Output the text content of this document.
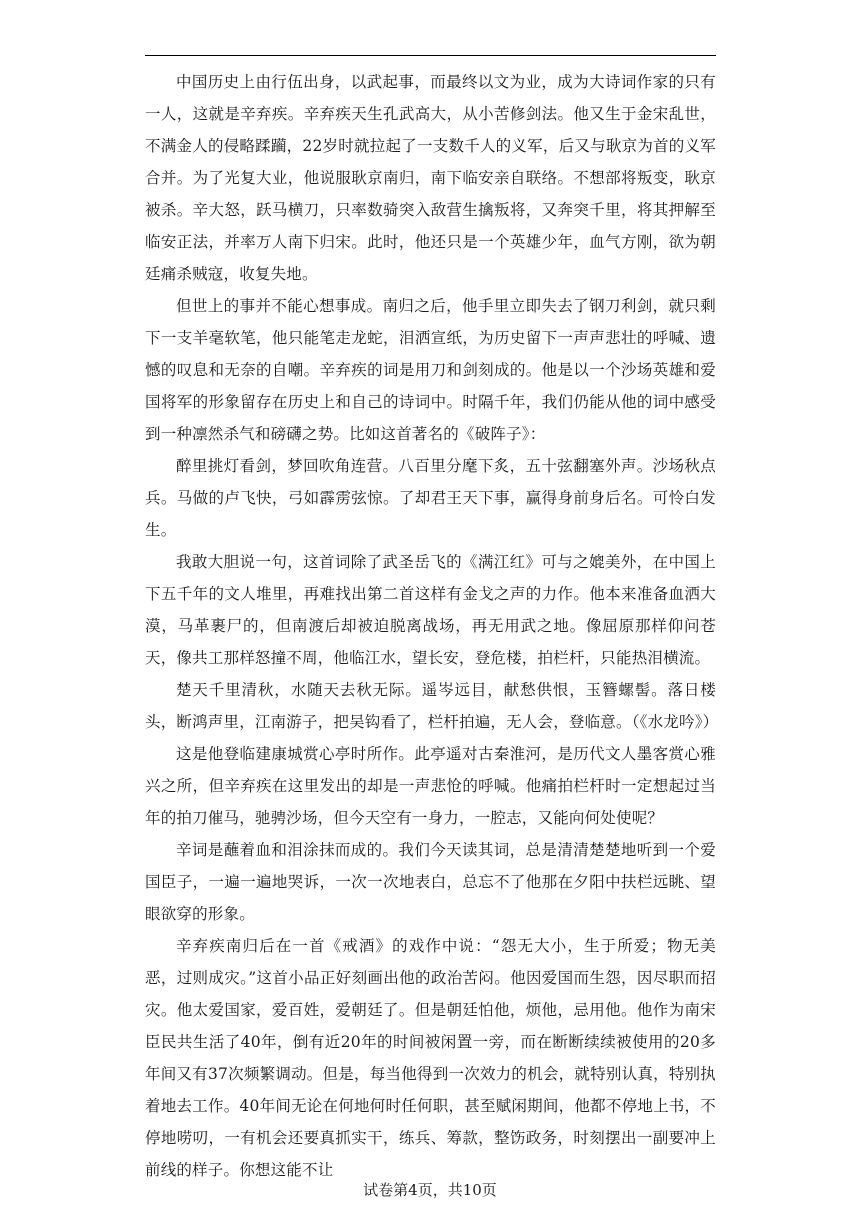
中国历史上由行伍出身，以武起事，而最终以文为业，成为大诗词作家的只有一人，这就是辛弃疾。辛弃疾天生孔武高大，从小苦修剑法。他又生于金宋乱世，不满金人的侵略蹂躏，22岁时就拉起了一支数千人的义军，后又与耿京为首的义军合并。为了光复大业，他说服耿京南归，南下临安亲自联络。不想部将叛变，耿京被杀。辛大怒，跃马横刀，只率数骑突入敌营生擒叛将，又奔突千里，将其押解至临安正法，并率万人南下归宋。此时，他还只是一个英雄少年，血气方刚，欲为朝廷痛杀贼寇，收复失地。

但世上的事并不能心想事成。南归之后，他手里立即失去了钢刀利剑，就只剩下一支羊毫软笔，他只能笔走龙蛇，泪洒宣纸，为历史留下一声声悲壮的呼喊、遗憾的叹息和无奈的自嘲。辛弃疾的词是用刀和剑刻成的。他是以一个沙场英雄和爱国将军的形象留存在历史上和自己的诗词中。时隔千年，我们仍能从他的词中感受到一种凛然杀气和磅礴之势。比如这首著名的《破阵子》：

醉里挑灯看剑，梦回吹角连营。八百里分麾下炙，五十弦翻塞外声。沙场秋点兵。马做的卢飞快，弓如霹雳弦惊。了却君王天下事，赢得身前身后名。可怜白发生。

我敢大胆说一句，这首词除了武圣岳飞的《满江红》可与之媲美外，在中国上下五千年的文人堆里，再难找出第二首这样有金戈之声的力作。他本来准备血洒大漠，马革裹尸的，但南渡后却被迫脱离战场，再无用武之地。像屈原那样仰问苍天，像共工那样怒撞不周，他临江水，望长安，登危楼，拍栏杆，只能热泪横流。

楚天千里清秋，水随天去秋无际。遥岑远目，献愁供恨，玉簪螺髻。落日楼头，断鸿声里，江南游子，把吴钩看了，栏杆拍遍，无人会，登临意。（《水龙吟》）

这是他登临建康城赏心亭时所作。此亭遥对古秦淮河，是历代文人墨客赏心雅兴之所，但辛弃疾在这里发出的却是一声悲怆的呼喊。他痛拍栏杆时一定想起过当年的拍刀催马，驰骋沙场，但今天空有一身力，一腔志，又能向何处使呢？

辛词是蘸着血和泪涂抹而成的。我们今天读其词，总是清清楚楚地听到一个爱国臣子，一遍一遍地哭诉，一次一次地表白，总忘不了他那在夕阳中扶栏远眺、望眼欲穿的形象。

辛弃疾南归后在一首《戒酒》的戏作中说：“怨无大小，生于所爱；物无美恶，过则成灾。”这首小品正好刻画出他的政治苦闷。他因爱国而生怨，因尽职而招灾。他太爱国家，爱百姓，爱朝廷了。但是朝廷怕他，烦他，忌用他。他作为南宋臣民共生活了40年，倒有近20年的时间被闲置一旁，而在断断续续被使用的20多年间又有37次频繁调动。但是，每当他得到一次效力的机会，就特别认真，特别执着地去工作。40年间无论在何地何时任何职，甚至赋闲期间，他都不停地上书，不停地唠叨，一有机会还要真抓实干，练兵、筹款，整饬政务，时刻摆出一副要冲上前线的样子。你想这能不让

试卷第4页，共10页
